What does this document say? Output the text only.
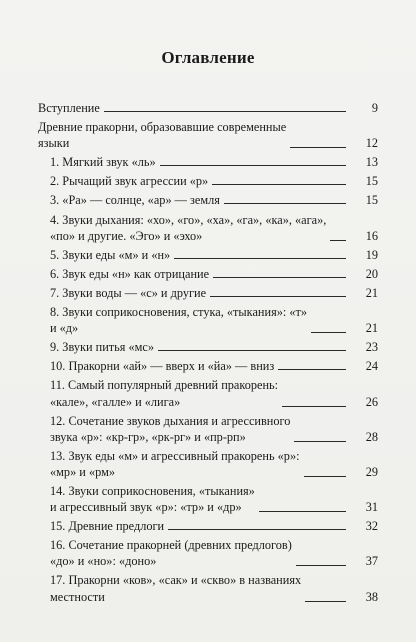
Оглавление
Вступление	9
Древние пракорни, образовавшие современные
языки	12
1. Мягкий звук «ль»	13
2. Рычащий звук агрессии «р»	15
3. «Ра» — солнце, «ар» — земля	15
4. Звуки дыхания: «хо», «го», «ха», «га», «ка», «ага»,
«по» и другие. «Эго» и «эхо»	16
5. Звуки еды «м» и «н»	19
6. Звук еды «н» как отрицание	20
7. Звуки воды — «с» и другие	21
8. Звуки соприкосновения, стука, «тыкания»: «т»
и «д»	21
9. Звуки питья «мс»	23
10. Пракорни «ай» — вверх и «йа» — вниз	24
11. Самый популярный древний пракорень:
«кале», «галле» и «лига»	26
12. Сочетание звуков дыхания и агрессивного
звука «р»: «кр-гр», «рк-рг» и «пр-рп»	28
13. Звук еды «м» и агрессивный пракорень «р»:
«мр» и «рм»	29
14. Звуки соприкосновения, «тыкания»
и агрессивный звук «р»: «тр» и «др»	31
15. Древние предлоги	32
16. Сочетание пракорней (древних предлогов)
«до» и «но»: «доно»	37
17. Пракорни «ков», «сак» и «скво» в названиях
местности	38
